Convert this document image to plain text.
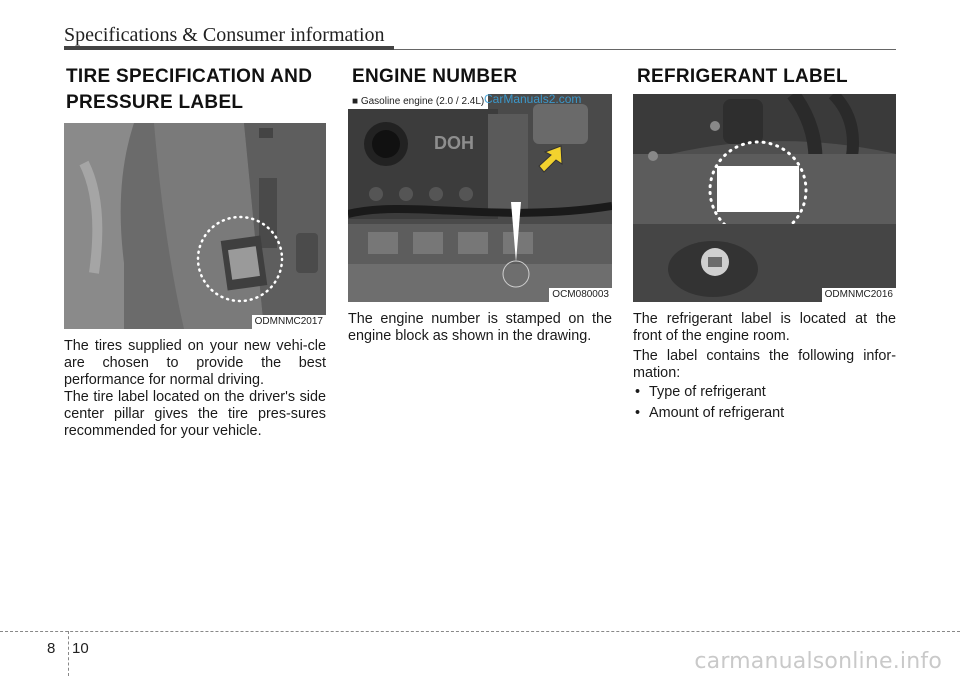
Specifications & Consumer information
TIRE SPECIFICATION AND
PRESSURE LABEL
ODMNMC2017

The tires supplied on your new vehi-cle are chosen to provide the best performance for normal driving.

The tire label located on the driver's side center pillar gives the tire pres-sures recommended for your vehicle.

ENGINE NUMBER
DOH
■ Gasoline engine (2.0 / 2.4L)
OCM080003
CarManuals2.com

The engine number is stamped on the engine block as shown in the drawing.

REFRIGERANT LABEL
ODMNMC2016

The refrigerant label is located at the front of the engine room.

The label contains the following infor-mation:

• Type of refrigerant
• Amount of refrigerant
8 10
carmanualsonline.info
